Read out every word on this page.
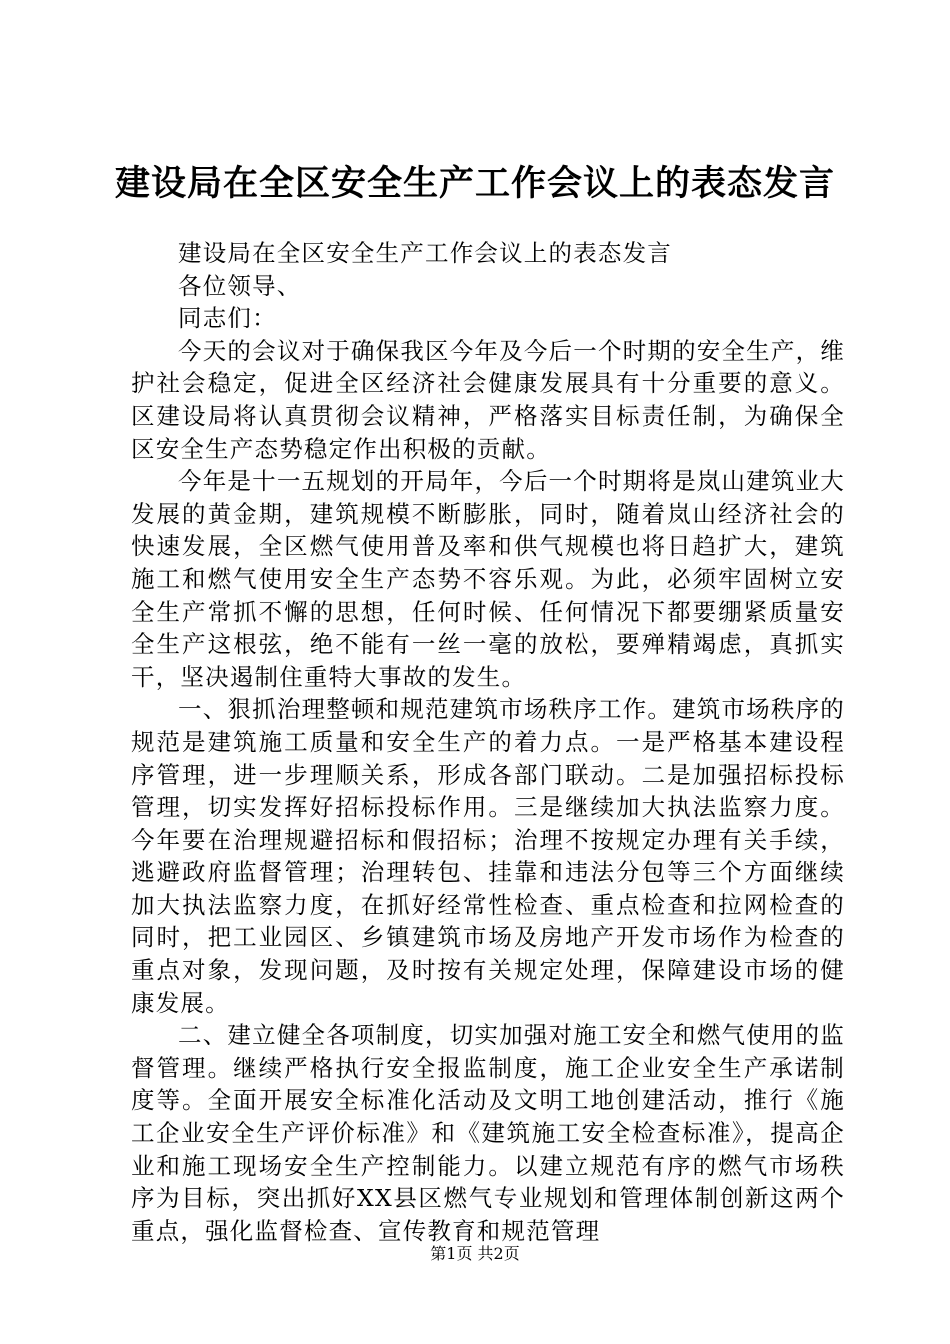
建设局在全区安全生产工作会议上的表态发言

建设局在全区安全生产工作会议上的表态发言

各位领导、

同志们：

今天的会议对于确保我区今年及今后一个时期的安全生产，维护社会稳定，促进全区经济社会健康发展具有十分重要的意义。区建设局将认真贯彻会议精神，严格落实目标责任制，为确保全区安全生产态势稳定作出积极的贡献。

今年是十一五规划的开局年，今后一个时期将是岚山建筑业大发展的黄金期，建筑规模不断膨胀，同时，随着岚山经济社会的快速发展，全区燃气使用普及率和供气规模也将日趋扩大，建筑施工和燃气使用安全生产态势不容乐观。为此，必须牢固树立安全生产常抓不懈的思想，任何时候、任何情况下都要绷紧质量安全生产这根弦，绝不能有一丝一毫的放松，要殚精竭虑，真抓实干，坚决遏制住重特大事故的发生。

一、狠抓治理整顿和规范建筑市场秩序工作。建筑市场秩序的规范是建筑施工质量和安全生产的着力点。一是严格基本建设程序管理，进一步理顺关系，形成各部门联动。二是加强招标投标管理，切实发挥好招标投标作用。三是继续加大执法监察力度。今年要在治理规避招标和假招标；治理不按规定办理有关手续，逃避政府监督管理；治理转包、挂靠和违法分包等三个方面继续加大执法监察力度，在抓好经常性检查、重点检查和拉网检查的同时，把工业园区、乡镇建筑市场及房地产开发市场作为检查的重点对象，发现问题，及时按有关规定处理，保障建设市场的健康发展。

二、建立健全各项制度，切实加强对施工安全和燃气使用的监督管理。继续严格执行安全报监制度，施工企业安全生产承诺制度等。全面开展安全标准化活动及文明工地创建活动，推行《施工企业安全生产评价标准》和《建筑施工安全检查标准》，提高企业和施工现场安全生产控制能力。以建立规范有序的燃气市场秩序为目标，突出抓好XX县区燃气专业规划和管理体制创新这两个重点，强化监督检查、宣传教育和规范管理

第1页 共2页
